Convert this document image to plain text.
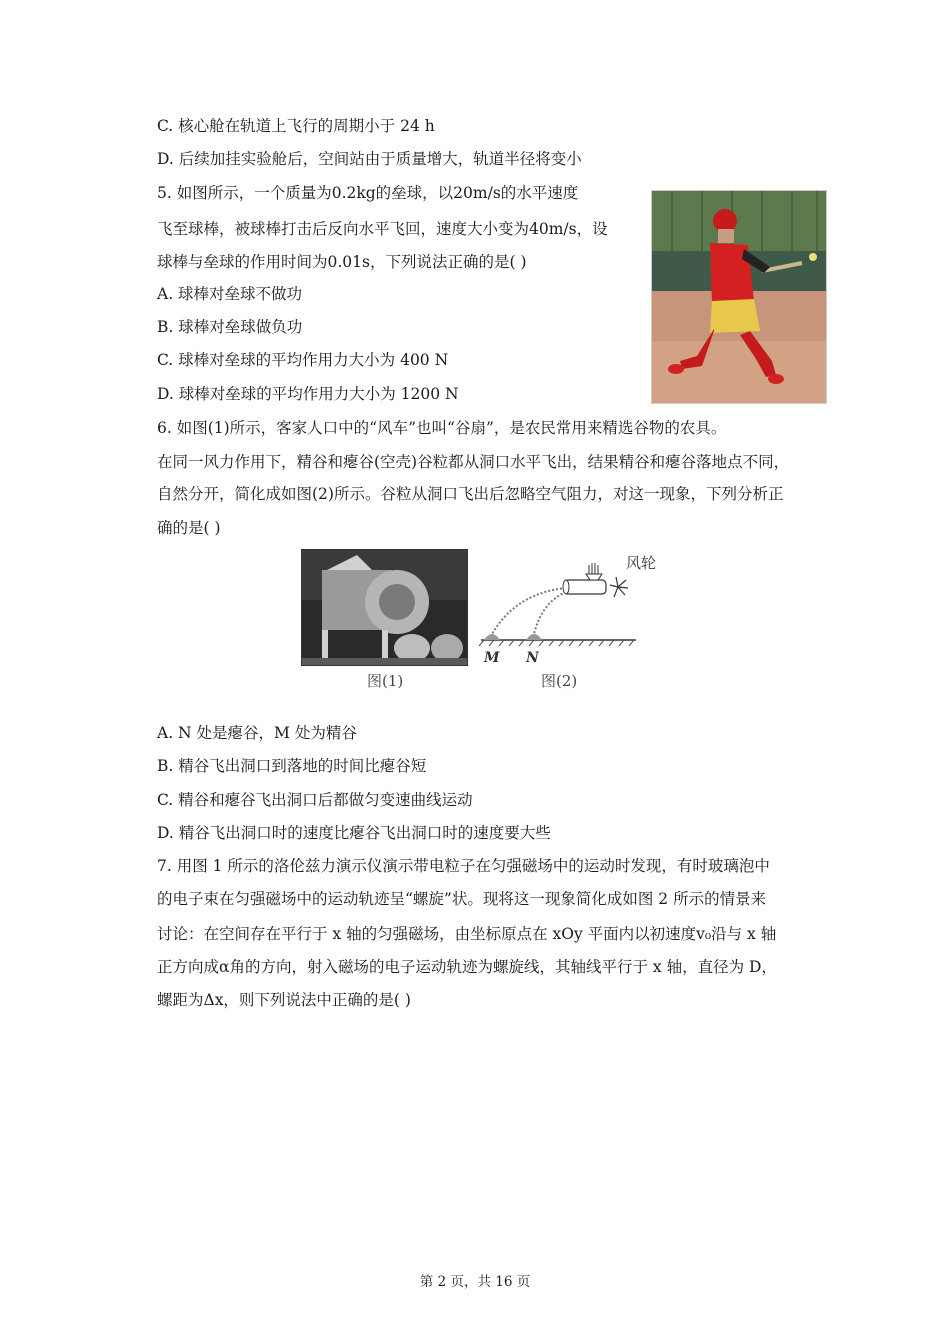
C. 核心舱在轨道上飞行的周期小于 24 h
D. 后续加挂实验舱后，空间站由于质量增大，轨道半径将变小
5. 如图所示，一个质量为0.2kg的垒球，以20m/s的水平速度
飞至球棒，被球棒打击后反向水平飞回，速度大小变为40m/s，设
球棒与垒球的作用时间为0.01s，下列说法正确的是( )
A. 球棒对垒球不做功
B. 球棒对垒球做负功
C. 球棒对垒球的平均作用力大小为 400 N
D. 球棒对垒球的平均作用力大小为 1200 N
6. 如图(1)所示，客家人口中的“风车”也叫“谷扇”，是农民常用来精选谷物的农具。
在同一风力作用下，精谷和瘪谷(空壳)谷粒都从洞口水平飞出，结果精谷和瘪谷落地点不同，
自然分开，简化成如图(2)所示。谷粒从洞口飞出后忽略空气阻力，对这一现象，下列分析正
确的是( )
风轮
M N
图(1)	图(2)
A. N 处是瘪谷，M 处为精谷
B. 精谷飞出洞口到落地的时间比瘪谷短
C. 精谷和瘪谷飞出洞口后都做匀变速曲线运动
D. 精谷飞出洞口时的速度比瘪谷飞出洞口时的速度要大些
7. 用图 1 所示的洛伦兹力演示仪演示带电粒子在匀强磁场中的运动时发现，有时玻璃泡中
的电子束在匀强磁场中的运动轨迹呈“螺旋”状。现将这一现象简化成如图 2 所示的情景来
讨论：在空间存在平行于 x 轴的匀强磁场，由坐标原点在 xOy 平面内以初速度v₀沿与 x 轴
正方向成α角的方向，射入磁场的电子运动轨迹为螺旋线，其轴线平行于 x 轴，直径为 D，
螺距为Δx，则下列说法中正确的是( )
第 2 页，共 16 页
